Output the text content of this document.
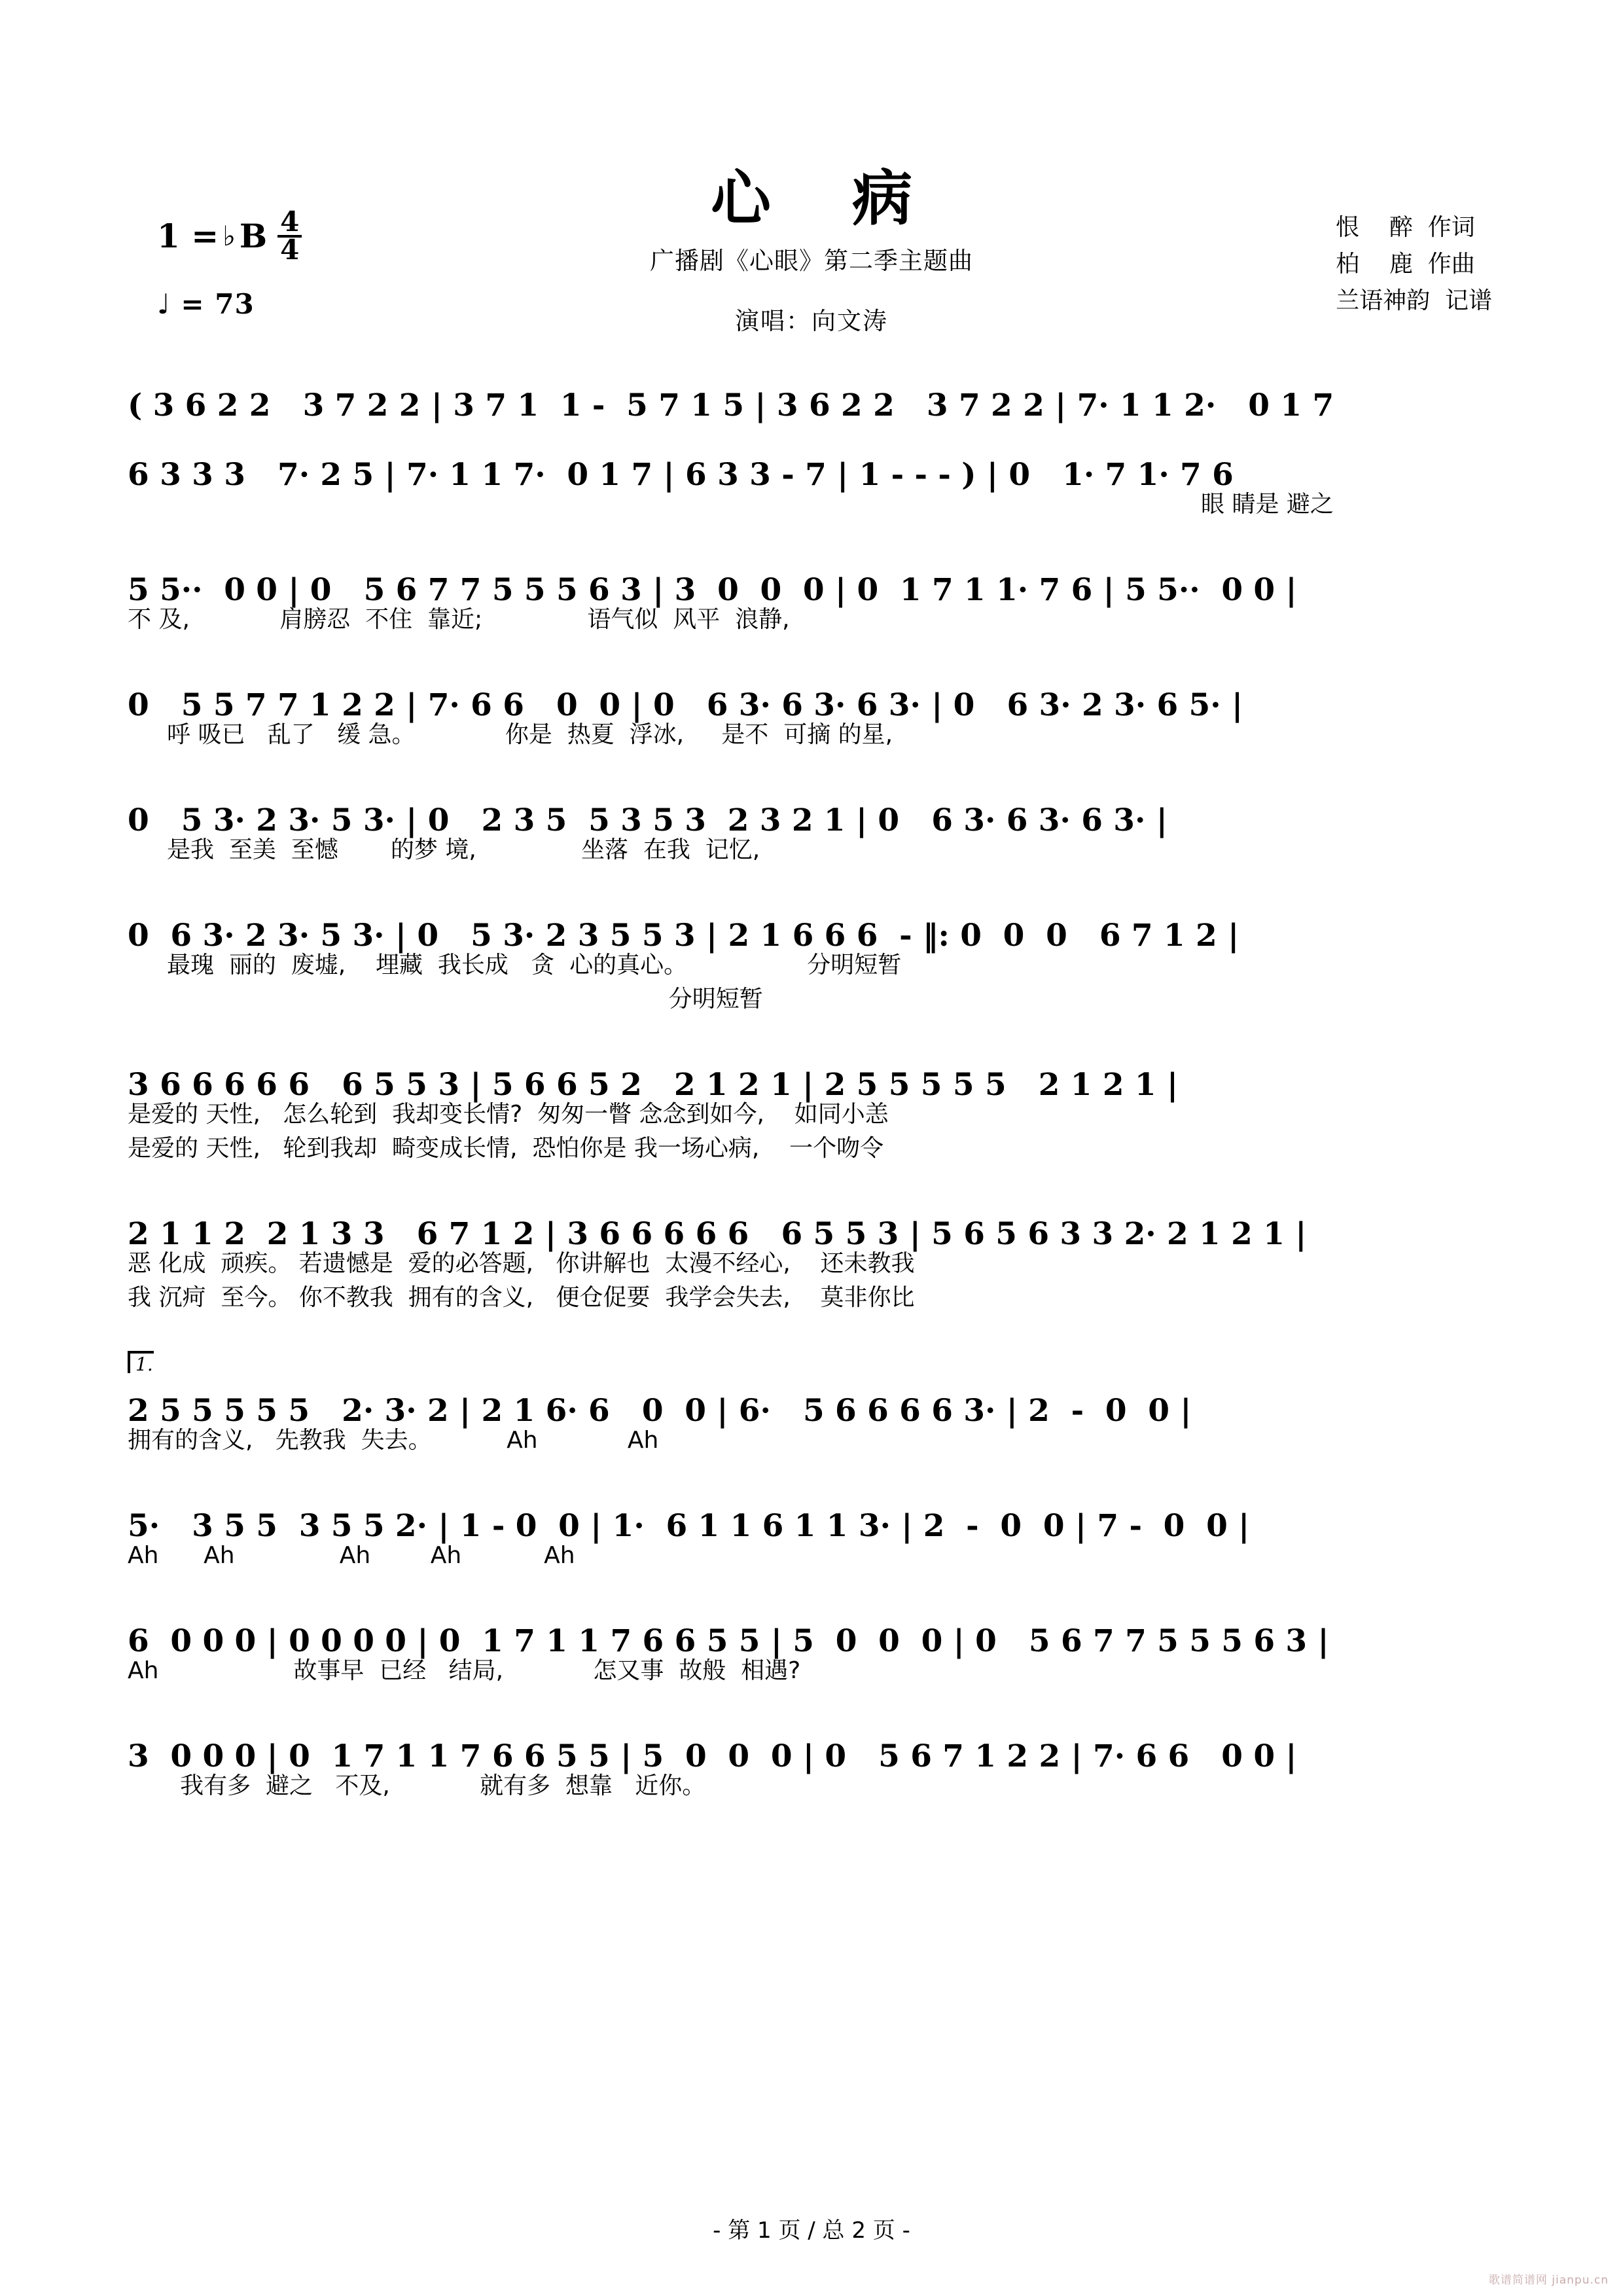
心 病
广播剧《心眼》第二季主题曲
演唱：向文涛
1 = ♭ B $\frac{4}{4}$
♩ = 73
恨    醉  作词
柏    鹿  作曲
兰语神韵  记谱
( 3 6 2 2   3 7 2 2 | 3 7 1  1 -  5 7 1 5 | 3 6 2 2   3 7 2 2 | 7· 1 1 2·   0 1 7
6 3 3 3   7· 2 5 | 7· 1 1 7·  0 1 7 | 6 3 3 - 7 | 1 - - - ) | 0   1· 7 1· 7 6
眼 睛是 避之
5 5··  0 0 | 0   5 6 7 7 5 5 5 6 3 | 3  0  0  0 | 0  1 7 1 1· 7 6 | 5 5··  0 0 |
不 及,            肩膀忍  不住  靠近;              语气似  风平  浪静,
0   5 5 7 7 1 2 2 | 7· 6 6   0  0 | 0   6 3· 6 3· 6 3· | 0   6 3· 2 3· 6 5· |
呼 吸已   乱了   缓 急。            你是  热夏  浮冰,     是不  可摘 的星,
0   5 3· 2 3· 5 3· | 0   2 3 5  5 3 5 3  2 3 2 1 | 0   6 3· 6 3· 6 3· |
是我  至美  至憾       的梦 境,              坐落  在我  记忆,
0  6 3· 2 3· 5 3· | 0   5 3· 2 3 5 5 3 | 2 1 6 6 6  - ‖: 0  0  0   6 7 1 2 |
最瑰  丽的  废墟,    埋藏  我长成   贪  心的真心。                分明短暂
分明短暂
3 6 6 6 6 6   6 5 5 3 | 5 6 6 5 2   2 1 2 1 | 2 5 5 5 5 5   2 1 2 1 |
是爱的 天性,   怎么轮到  我却变长情?  匆匆一瞥 念念到如今,    如同小恙
是爱的 天性,   轮到我却  畸变成长情,  恐怕你是 我一场心病,    一个吻令
2 1 1 2  2 1 3 3   6 7 1 2 | 3 6 6 6 6 6   6 5 5 3 | 5 6 5 6 3 3 2· 2 1 2 1 |
恶 化成  顽疾。 若遗憾是  爱的必答题,   你讲解也  太漫不经心,    还未教我
我 沉疴  至今。 你不教我  拥有的含义,   便仓促要  我学会失去,    莫非你比
1.
2 5 5 5 5 5   2· 3· 2 | 2 1 6· 6   0  0 | 6·   5 6 6 6 6 3· | 2  -  0  0 |
拥有的含义,   先教我  失去。          Ah            Ah
5·   3 5 5  3 5 5 2· | 1 - 0  0 | 1·  6 1 1 6 1 1 3· | 2  -  0  0 | 7 -  0  0 |
Ah      Ah              Ah        Ah           Ah
6  0 0 0 | 0 0 0 0 | 0  1 7 1 1 7 6 6 5 5 | 5  0  0  0 | 0   5 6 7 7 5 5 5 6 3 |
Ah                  故事早  已经   结局,            怎又事  故般  相遇?
3  0 0 0 | 0  1 7 1 1 7 6 6 5 5 | 5  0  0  0 | 0   5 6 7 1 2 2 | 7· 6 6   0 0 |
我有多  避之   不及,            就有多  想靠   近你。
- 第 1 页 / 总 2 页 -
歌谱简谱网 jianpu.cn
